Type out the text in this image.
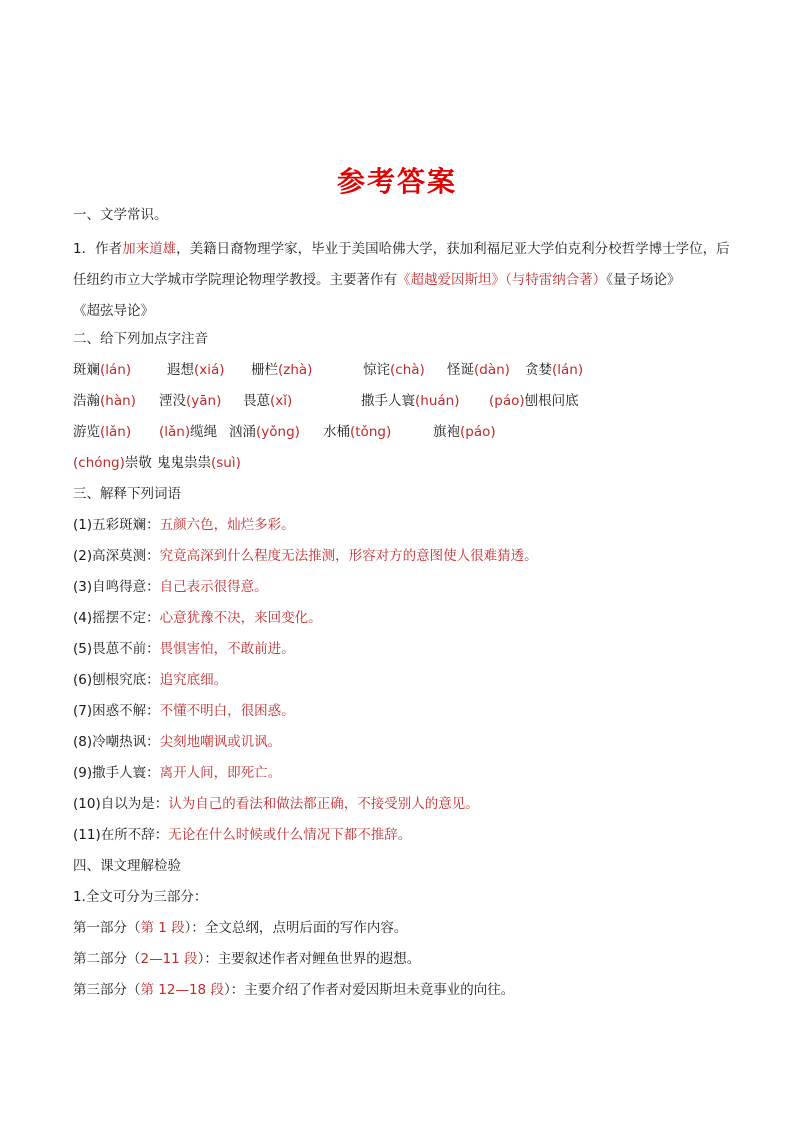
参考答案
一、文学常识。
1．作者加来道雄，美籍日裔物理学家，毕业于美国哈佛大学，获加利福尼亚大学伯克利分校哲学博士学位，后任纽约市立大学城市学院理论物理学教授。主要著作有《超越爱因斯坦》（与特雷纳合著）《量子场论》
《超弦导论》
二、给下列加点字注音
斑斓(lán)	遐想(xiá) 栅栏(zhà)	惊诧(chà) 怪诞(dàn) 贪婪(lán)
浩瀚(hàn) 湮没(yān) 畏葸(xǐ)	撒手人寰(huán) (páo)刨根问底
游览(lǎn) (lǎn)缆绳 汹涌(yǒng) 水桶(tǒng)	旗袍(páo)
(chóng)崇敬 鬼鬼祟祟(suì)
三、解释下列词语
(1)五彩斑斓：五颜六色，灿烂多彩。
(2)高深莫测：究竟高深到什么程度无法推测，形容对方的意图使人很难猜透。
(3)自鸣得意：自己表示很得意。
(4)摇摆不定：心意犹豫不决，来回变化。
(5)畏葸不前：畏惧害怕，不敢前进。
(6)刨根究底：追究底细。
(7)困惑不解：不懂不明白，很困惑。
(8)冷嘲热讽：尖刻地嘲讽或讥讽。
(9)撒手人寰：离开人间，即死亡。
(10)自以为是：认为自己的看法和做法都正确，不接受别人的意见。
(11)在所不辞：无论在什么时候或什么情况下都不推辞。
四、课文理解检验
1.全文可分为三部分：
第一部分（第 1 段）：全文总纲，点明后面的写作内容。
第二部分（2—11 段）：主要叙述作者对鲤鱼世界的遐想。
第三部分（第 12—18 段）：主要介绍了作者对爱因斯坦未竟事业的向往。
